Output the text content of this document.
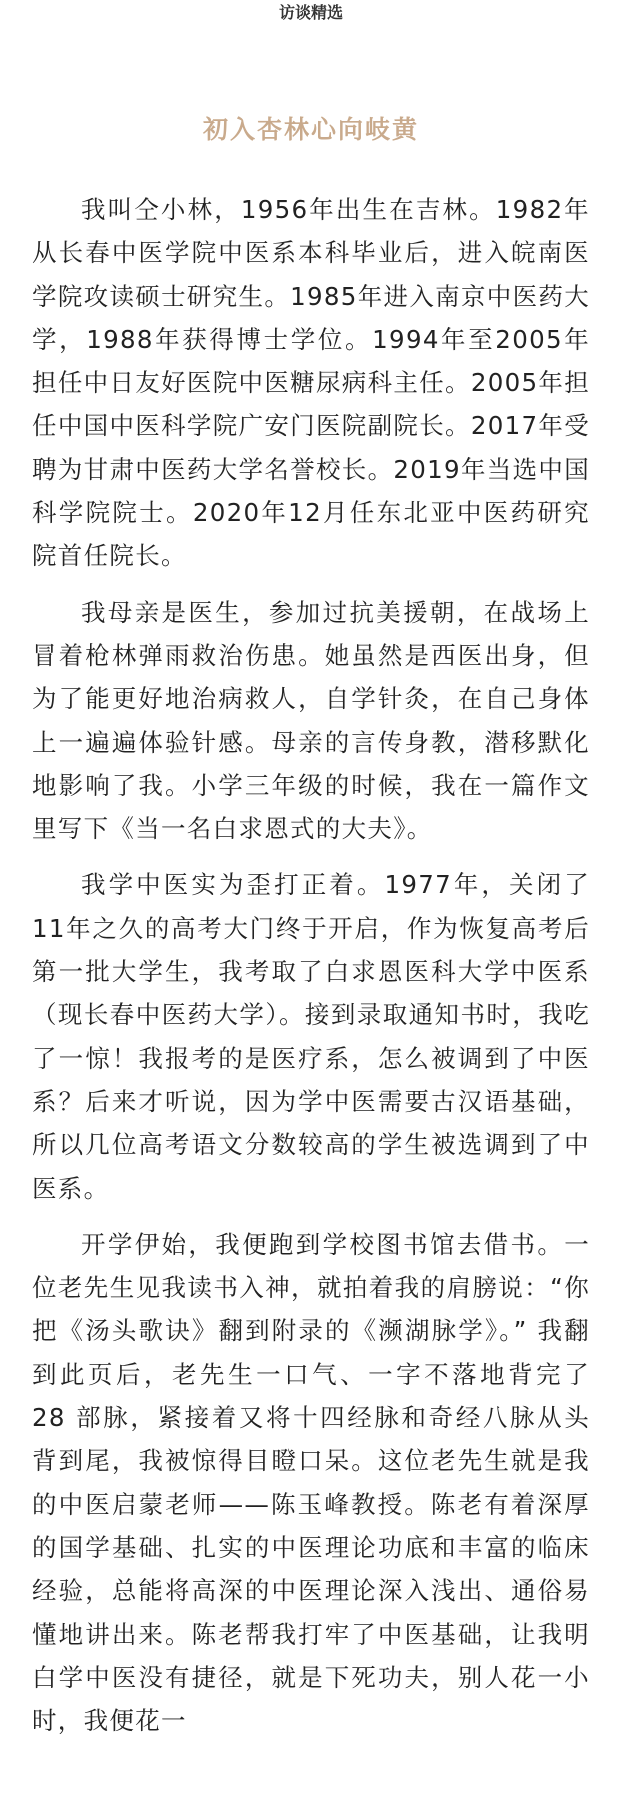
访谈精选
初入杏林心向岐黄

我叫仝小林，1956年出生在吉林。1982年从长春中医学院中医系本科毕业后，进入皖南医学院攻读硕士研究生。1985年进入南京中医药大学，1988年获得博士学位。1994年至2005年担任中日友好医院中医糖尿病科主任。2005年担任中国中医科学院广安门医院副院长。2017年受聘为甘肃中医药大学名誉校长。2019年当选中国科学院院士。2020年12月任东北亚中医药研究院首任院长。

我母亲是医生，参加过抗美援朝，在战场上冒着枪林弹雨救治伤患。她虽然是西医出身，但为了能更好地治病救人，自学针灸，在自己身体上一遍遍体验针感。母亲的言传身教，潜移默化地影响了我。小学三年级的时候，我在一篇作文里写下《当一名白求恩式的大夫》。

我学中医实为歪打正着。1977年，关闭了11年之久的高考大门终于开启，作为恢复高考后第一批大学生，我考取了白求恩医科大学中医系（现长春中医药大学）。接到录取通知书时，我吃了一惊！我报考的是医疗系，怎么被调到了中医系？后来才听说，因为学中医需要古汉语基础，所以几位高考语文分数较高的学生被选调到了中医系。

开学伊始，我便跑到学校图书馆去借书。一位老先生见我读书入神，就拍着我的肩膀说：“你把《汤头歌诀》翻到附录的《濒湖脉学》。” 我翻到此页后，老先生一口气、一字不落地背完了 28 部脉，紧接着又将十四经脉和奇经八脉从头背到尾，我被惊得目瞪口呆。这位老先生就是我的中医启蒙老师——陈玉峰教授。陈老有着深厚的国学基础、扎实的中医理论功底和丰富的临床经验，总能将高深的中医理论深入浅出、通俗易懂地讲出来。陈老帮我打牢了中医基础，让我明白学中医没有捷径，就是下死功夫，别人花一小时，我便花一
